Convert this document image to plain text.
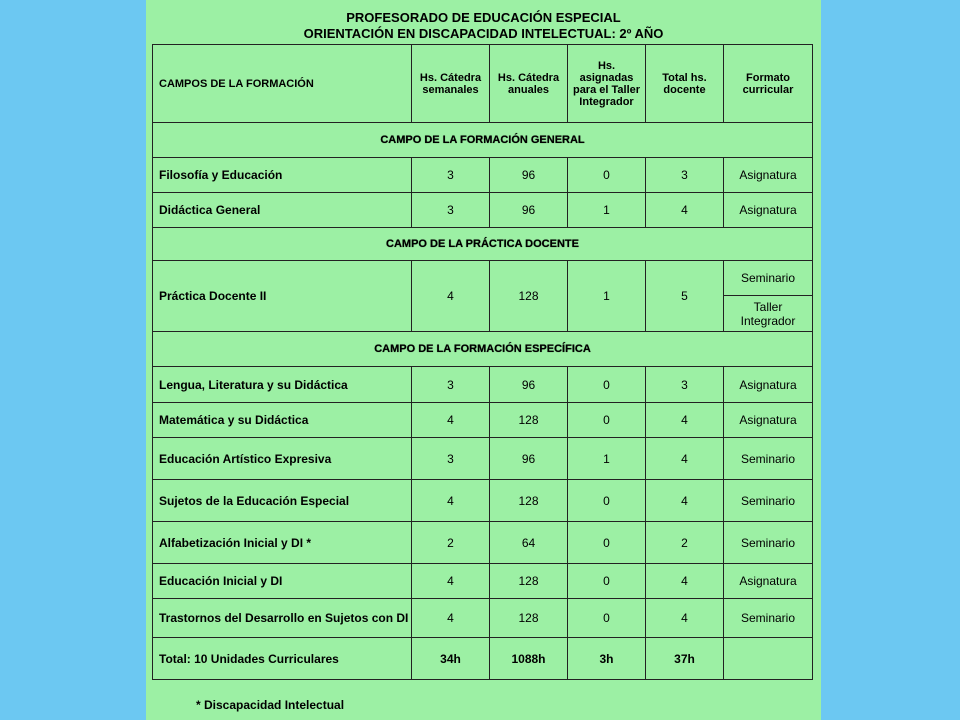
PROFESORADO DE EDUCACIÓN ESPECIAL
ORIENTACIÓN EN DISCAPACIDAD INTELECTUAL: 2º AÑO
CAMPOS DE LA FORMACIÓN	Hs. Cátedra semanales	Hs. Cátedra anuales	Hs. asignadas para el Taller Integrador	Total hs. docente	Formato curricular
CAMPO DE LA FORMACIÓN GENERAL					
Filosofía y Educación	3	96	0	3	Asignatura
Didáctica General	3	96	1	4	Asignatura
CAMPO DE LA PRÁCTICA DOCENTE					
Práctica Docente II	4	128	1	5	Seminario
Taller Integrador

CAMPO DE LA FORMACIÓN ESPECÍFICA					
Lengua, Literatura y su Didáctica	3	96	0	3	Asignatura
Matemática y su Didáctica	4	128	0	4	Asignatura
Educación Artístico Expresiva	3	96	1	4	Seminario
Sujetos de la Educación Especial	4	128	0	4	Seminario
Alfabetización Inicial y DI *	2	64	0	2	Seminario
Educación Inicial y DI	4	128	0	4	Asignatura
Trastornos del Desarrollo en Sujetos con DI	4	128	0	4	Seminario
Total: 10 Unidades Curriculares	34h	1088h	3h	37h	
* Discapacidad Intelectual
